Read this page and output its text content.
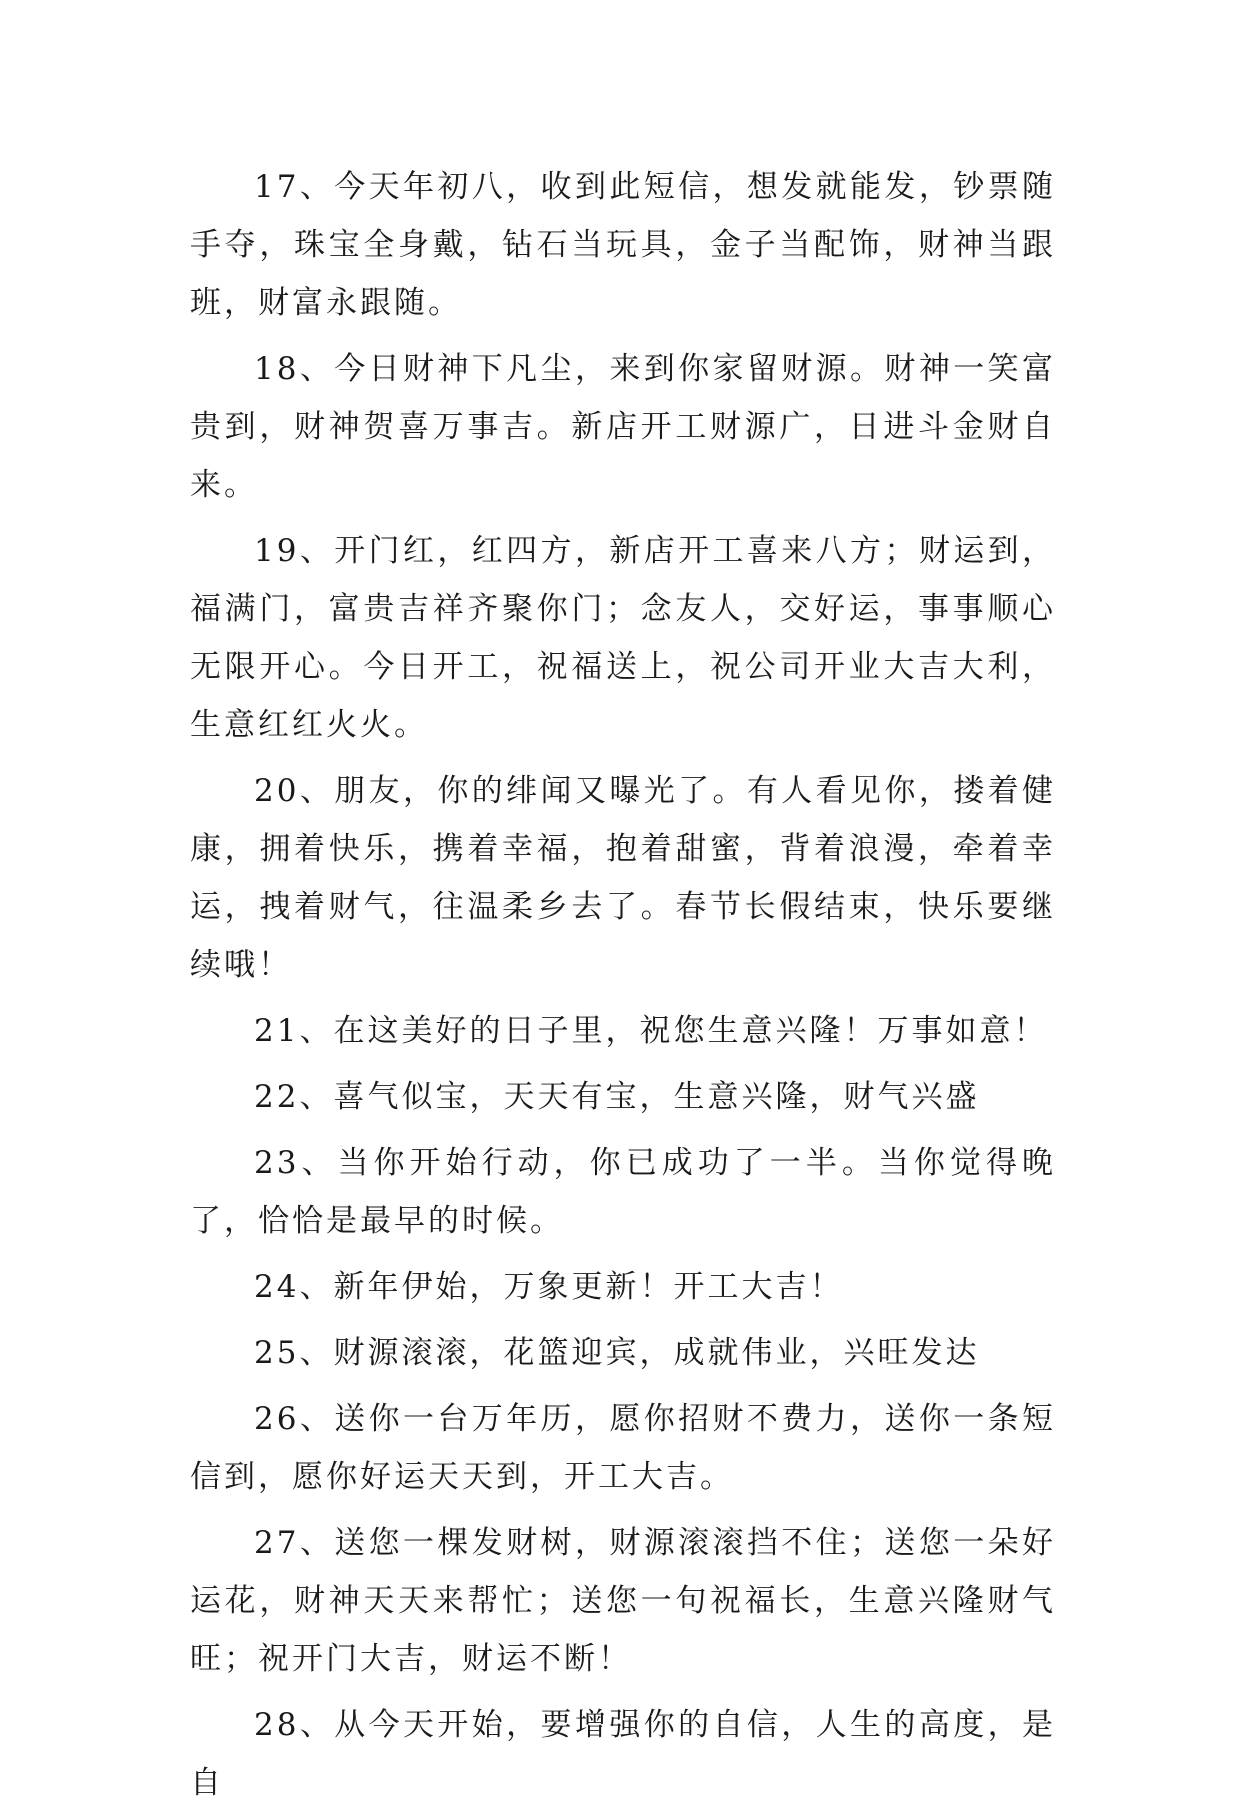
17、今天年初八，收到此短信，想发就能发，钞票随手夺，珠宝全身戴，钻石当玩具，金子当配饰，财神当跟班，财富永跟随。

18、今日财神下凡尘，来到你家留财源。财神一笑富贵到，财神贺喜万事吉。新店开工财源广，日进斗金财自来。

19、开门红，红四方，新店开工喜来八方；财运到，福满门，富贵吉祥齐聚你门；念友人，交好运，事事顺心无限开心。今日开工，祝福送上，祝公司开业大吉大利，生意红红火火。

20、朋友，你的绯闻又曝光了。有人看见你，搂着健康，拥着快乐，携着幸福，抱着甜蜜，背着浪漫，牵着幸运，拽着财气，往温柔乡去了。春节长假结束，快乐要继续哦！

21、在这美好的日子里，祝您生意兴隆！万事如意！

22、喜气似宝，天天有宝，生意兴隆，财气兴盛

23、当你开始行动，你已成功了一半。当你觉得晚了，恰恰是最早的时候。

24、新年伊始，万象更新！开工大吉！

25、财源滚滚，花篮迎宾，成就伟业，兴旺发达

26、送你一台万年历，愿你招财不费力，送你一条短信到，愿你好运天天到，开工大吉。

27、送您一棵发财树，财源滚滚挡不住；送您一朵好运花，财神天天来帮忙；送您一句祝福长，生意兴隆财气旺；祝开门大吉，财运不断！

28、从今天开始，要增强你的自信，人生的高度，是自
